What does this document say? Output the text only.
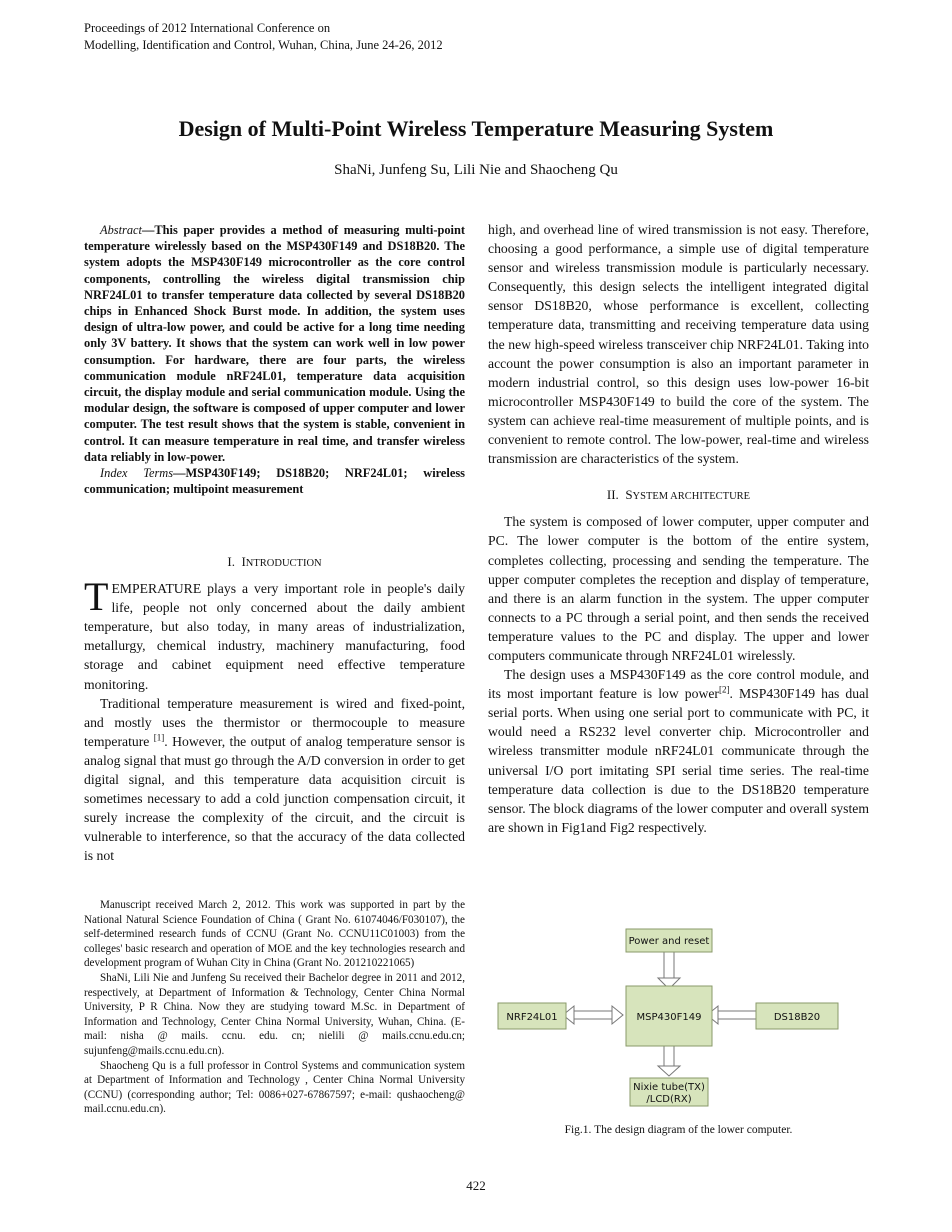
Proceedings of 2012 International Conference on
Modelling, Identification and Control, Wuhan, China, June 24-26, 2012
Design of Multi-Point Wireless Temperature Measuring System
ShaNi, Junfeng Su, Lili Nie and Shaocheng Qu

Abstract—This paper provides a method of measuring multi-point temperature wirelessly based on the MSP430F149 and DS18B20. The system adopts the MSP430F149 microcontroller as the core control components, controlling the wireless digital transmission chip NRF24L01 to transfer temperature data collected by several DS18B20 chips in Enhanced Shock Burst mode. In addition, the system uses design of ultra-low power, and could be active for a long time needing only 3V battery. It shows that the system can work well in low power consumption. For hardware, there are four parts, the wireless communication module nRF24L01, temperature data acquisition circuit, the display module and serial communication module. Using the modular design, the software is composed of upper computer and lower computer. The test result shows that the system is stable, convenient in control. It can measure temperature in real time, and transfer wireless data reliably in low-power.

Index Terms—MSP430F149; DS18B20; NRF24L01; wireless communication; multipoint measurement

I. INTRODUCTION

TEMPERATURE plays a very important role in people's daily life, people not only concerned about the daily ambient temperature, but also today, in many areas of industrialization, metallurgy, chemical industry, machinery manufacturing, food storage and cabinet equipment need effective temperature monitoring.

Traditional temperature measurement is wired and fixed-point, and mostly uses the thermistor or thermocouple to measure temperature [1]. However, the output of analog temperature sensor is analog signal that must go through the A/D conversion in order to get digital signal, and this temperature data acquisition circuit is sometimes necessary to add a cold junction compensation circuit, it surely increase the complexity of the circuit, and the circuit is vulnerable to interference, so that the accuracy of the data collected is not

Manuscript received March 2, 2012. This work was supported in part by the National Natural Science Foundation of China ( Grant No. 61074046/F030107), the self-determined research funds of CCNU (Grant No. CCNU11C01003) from the colleges' basic research and operation of MOE and the key technologies research and development program of Wuhan City in China (Grant No. 201210221065)

ShaNi, Lili Nie and Junfeng Su received their Bachelor degree in 2011 and 2012, respectively, at Department of Information & Technology, Center China Normal University, P R China. Now they are studying toward M.Sc. in Department of Information and Technology, Center China Normal University, Wuhan, China. (E-mail: nisha @ mails. ccnu. edu. cn; nielili @ mails.ccnu.edu.cn; sujunfeng@mails.ccnu.edu.cn).

Shaocheng Qu is a full professor in Control Systems and communication system at Department of Information and Technology , Center China Normal University (CCNU) (corresponding author; Tel: 0086+027-67867597; e-mail: qushaocheng@ mail.ccnu.edu.cn).

high, and overhead line of wired transmission is not easy. Therefore, choosing a good performance, a simple use of digital temperature sensor and wireless transmission module is particularly necessary. Consequently, this design selects the intelligent integrated digital sensor DS18B20, whose performance is excellent, collecting temperature data, transmitting and receiving temperature data using the new high-speed wireless transceiver chip NRF24L01. Taking into account the power consumption is also an important parameter in modern industrial control, so this design uses low-power 16-bit microcontroller MSP430F149 to build the core of the system. The system can achieve real-time measurement of multiple points, and is convenient to remote control. The low-power, real-time and wireless transmission are characteristics of the system.

II. SYSTEM ARCHITECTURE

The system is composed of lower computer, upper computer and PC. The lower computer is the bottom of the entire system, completes collecting, processing and sending the temperature. The upper computer completes the reception and display of temperature, and there is an alarm function in the system. The upper computer connects to a PC through a serial point, and then sends the received temperature values to the PC and display. The upper and lower computers communicate through NRF24L01 wirelessly.

The design uses a MSP430F149 as the core control module, and its most important feature is low power[2]. MSP430F149 has dual serial ports. When using one serial port to communicate with PC, it would need a RS232 level converter chip. Microcontroller and wireless transmitter module nRF24L01 communicate through the universal I/O port imitating SPI serial time series. The real-time temperature data collection is due to the DS18B20 temperature sensor. The block diagrams of the lower computer and overall system are shown in Fig1and Fig2 respectively.

Power and reset
MSP430F149
NRF24L01	DS18B20
Nixie tube(TX)
/LCD(RX)
Fig.1. The design diagram of the lower computer.
422
